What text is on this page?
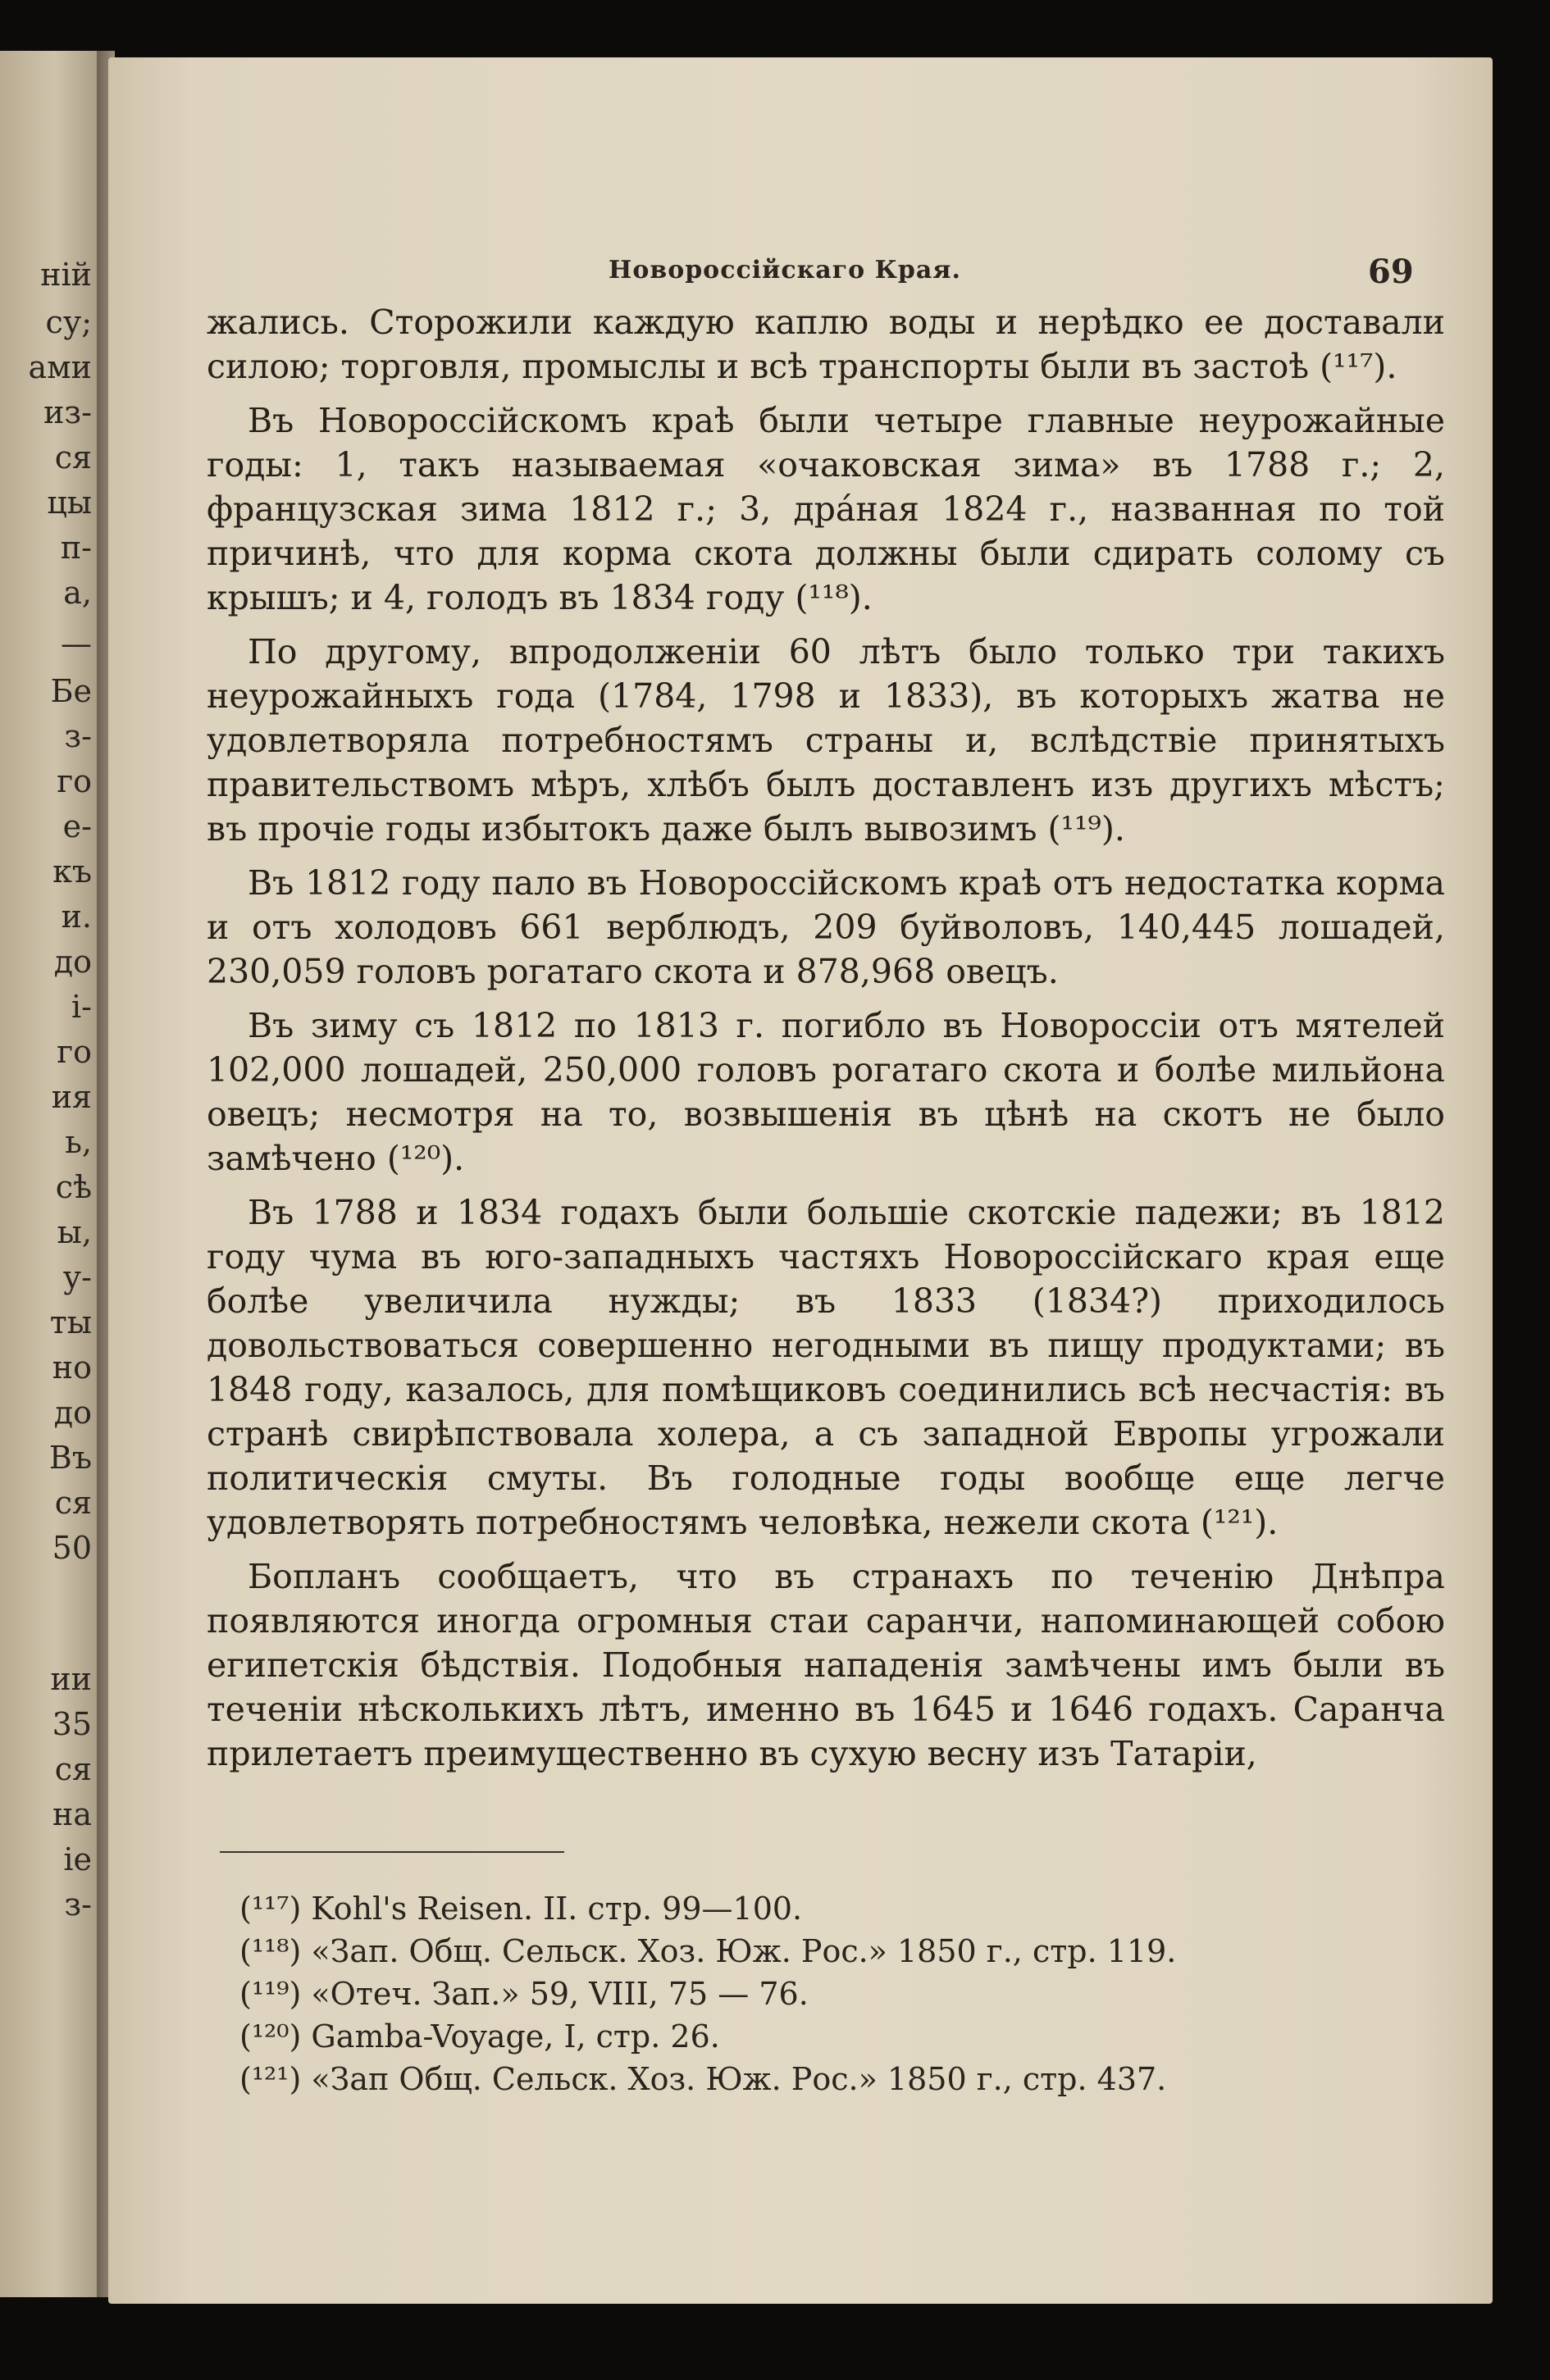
ній

су;

ами

из-

ся

цы

п-

а,

—

Бе

з-

го

е-

къ

и.

до

і-

го

ия

ь,

сѣ

ы,

у-

ты

но

до

Въ

ся

50

ии

35

ся

на

іе

з-

Новороссійскаго Края.	69

жались. Сторожили каждую каплю воды и нерѣдко ее доставали силою; торговля, промыслы и всѣ транспорты были въ застоѣ (¹¹⁷).

Въ Новороссійскомъ краѣ были четыре главные неурожайные годы: 1, такъ называемая «очаковская зима» въ 1788 г.; 2, французская зима 1812 г.; 3, дра́ная 1824 г., названная по той причинѣ, что для корма скота должны были сдирать солому съ крышъ; и 4, голодъ въ 1834 году (¹¹⁸).

По другому, впродолженіи 60 лѣтъ было только три такихъ неурожайныхъ года (1784, 1798 и 1833), въ которыхъ жатва не удовлетворяла потребностямъ страны и, вслѣдствіе принятыхъ правительствомъ мѣръ, хлѣбъ былъ доставленъ изъ другихъ мѣстъ; въ прочіе годы избытокъ даже былъ вывозимъ (¹¹⁹).

Въ 1812 году пало въ Новороссійскомъ краѣ отъ недостатка корма и отъ холодовъ 661 верблюдъ, 209 буйволовъ, 140,445 лошадей, 230,059 головъ рогатаго скота и 878,968 овецъ.

Въ зиму съ 1812 по 1813 г. погибло въ Новороссіи отъ мятелей 102,000 лошадей, 250,000 головъ рогатаго скота и болѣе мильйона овецъ; несмотря на то, возвышенія въ цѣнѣ на скотъ не было замѣчено (¹²⁰).

Въ 1788 и 1834 годахъ были большіе скотскіе падежи; въ 1812 году чума въ юго-западныхъ частяхъ Новороссійскаго края еще болѣе увеличила нужды; въ 1833 (1834?) приходилось довольствоваться совершенно негодными въ пищу продуктами; въ 1848 году, казалось, для помѣщиковъ соединились всѣ несчастія: въ странѣ свирѣпствовала холера, а съ западной Европы угрожали политическія смуты. Въ голодные годы вообще еще легче удовлетворять потребностямъ человѣка, нежели скота (¹²¹).

Бопланъ сообщаетъ, что въ странахъ по теченію Днѣпра появляются иногда огромныя стаи саранчи, напоминающей собою египетскія бѣдствія. Подобныя нападенія замѣчены имъ были въ теченіи нѣсколькихъ лѣтъ, именно въ 1645 и 1646 годахъ. Саранча прилетаетъ преимущественно въ сухую весну изъ Татаріи,

(¹¹⁷) Kohl's Reisen. II. стр. 99—100.

(¹¹⁸) «Зап. Общ. Сельск. Хоз. Юж. Рос.» 1850 г., стр. 119.

(¹¹⁹) «Отеч. Зап.» 59, VIII, 75 — 76.

(¹²⁰) Gamba-Voyage, I, стр. 26.

(¹²¹) «Зап Общ. Сельск. Хоз. Юж. Рос.» 1850 г., стр. 437.
